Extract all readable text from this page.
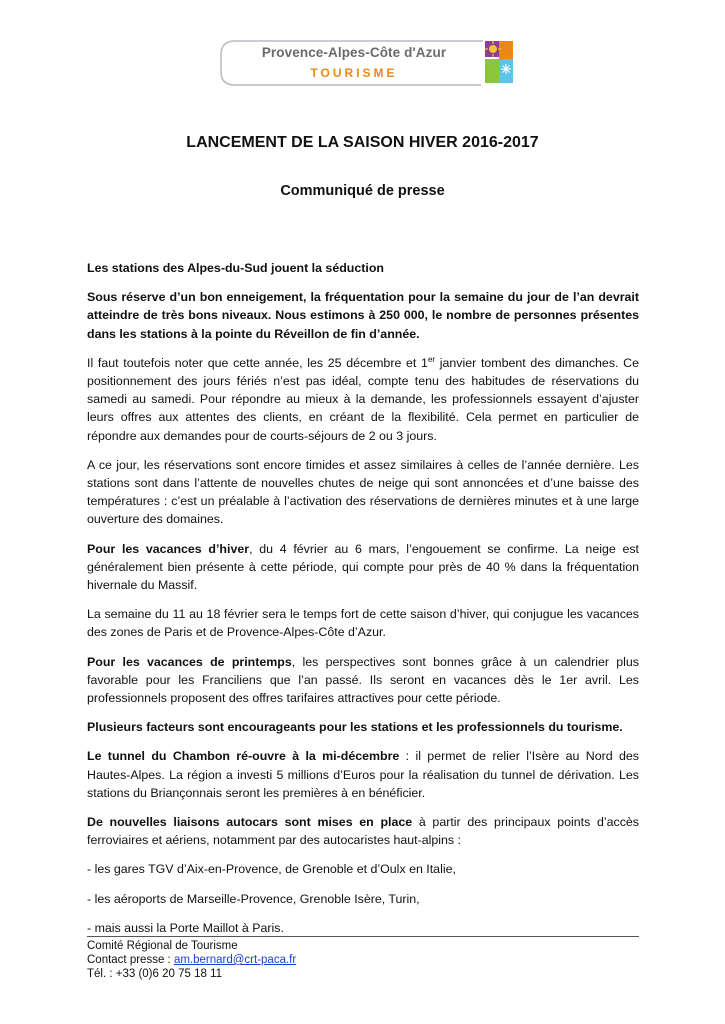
Provence-Alpes-Côte d'Azur
TOURISME
LANCEMENT DE LA SAISON HIVER 2016-2017
Communiqué de presse

Les stations des Alpes-du-Sud jouent la séduction

Sous réserve d’un bon enneigement, la fréquentation pour la semaine du jour de l’an devrait atteindre de très bons niveaux. Nous estimons à 250 000, le nombre de personnes présentes dans les stations à la pointe du Réveillon de fin d’année.

Il faut toutefois noter que cette année, les 25 décembre et 1er janvier tombent des dimanches. Ce positionnement des jours fériés n’est pas idéal, compte tenu des habitudes de réservations du samedi au samedi. Pour répondre au mieux à la demande, les professionnels essayent d’ajuster leurs offres aux attentes des clients, en créant de la flexibilité. Cela permet en particulier de répondre aux demandes pour de courts-séjours de 2 ou 3 jours.

A ce jour, les réservations sont encore timides et assez similaires à celles de l’année dernière. Les stations sont dans l’attente de nouvelles chutes de neige qui sont annoncées et d’une baisse des températures : c’est un préalable à l’activation des réservations de dernières minutes et à une large ouverture des domaines.

Pour les vacances d’hiver, du 4 février au 6 mars, l’engouement se confirme. La neige est généralement bien présente à cette période, qui compte pour près de 40 % dans la fréquentation hivernale du Massif.

La semaine du 11 au 18 février sera le temps fort de cette saison d’hiver, qui conjugue les vacances des zones de Paris et de Provence-Alpes-Côte d’Azur.

Pour les vacances de printemps, les perspectives sont bonnes grâce à un calendrier plus favorable pour les Franciliens que l’an passé. Ils seront en vacances dès le 1er avril. Les professionnels proposent des offres tarifaires attractives pour cette période.

Plusieurs facteurs sont encourageants pour les stations et les professionnels du tourisme.

Le tunnel du Chambon ré-ouvre à la mi-décembre : il permet de relier l’Isère au Nord des Hautes-Alpes. La région a investi 5 millions d’Euros pour la réalisation du tunnel de dérivation. Les stations du Briançonnais seront les premières à en bénéficier.

De nouvelles liaisons autocars sont mises en place à partir des principaux points d’accès ferroviaires et aériens, notamment par des autocaristes haut-alpins :

- les gares TGV d’Aix-en-Provence, de Grenoble et d’Oulx en Italie,

- les aéroports de Marseille-Provence, Grenoble Isère, Turin,

- mais aussi la Porte Maillot à Paris.

Comité Régional de Tourisme
Contact presse : am.bernard@crt-paca.fr
Tél. : +33 (0)6 20 75 18 11
